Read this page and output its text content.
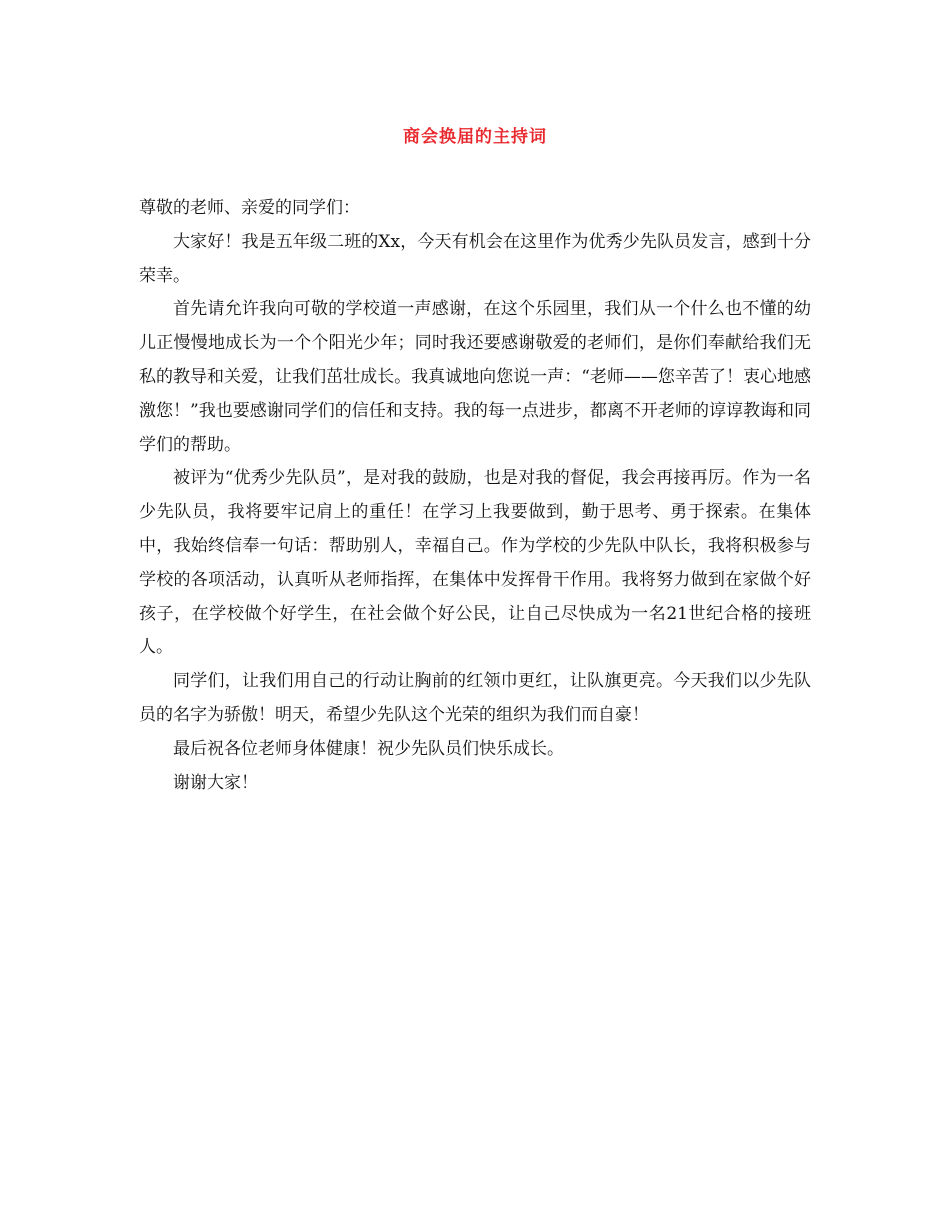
商会换届的主持词

尊敬的老师、亲爱的同学们：

大家好！我是五年级二班的Xx，今天有机会在这里作为优秀少先队员发言，感到十分荣幸。

首先请允许我向可敬的学校道一声感谢，在这个乐园里，我们从一个什么也不懂的幼儿正慢慢地成长为一个个阳光少年；同时我还要感谢敬爱的老师们，是你们奉献给我们无私的教导和关爱，让我们茁壮成长。我真诚地向您说一声：“老师——您辛苦了！衷心地感激您！”我也要感谢同学们的信任和支持。我的每一点进步，都离不开老师的谆谆教诲和同学们的帮助。

被评为“优秀少先队员”，是对我的鼓励，也是对我的督促，我会再接再厉。作为一名少先队员，我将要牢记肩上的重任！在学习上我要做到，勤于思考、勇于探索。在集体中，我始终信奉一句话：帮助别人，幸福自己。作为学校的少先队中队长，我将积极参与学校的各项活动，认真听从老师指挥，在集体中发挥骨干作用。我将努力做到在家做个好孩子，在学校做个好学生，在社会做个好公民，让自己尽快成为一名21世纪合格的接班人。

同学们，让我们用自己的行动让胸前的红领巾更红，让队旗更亮。今天我们以少先队员的名字为骄傲！明天，希望少先队这个光荣的组织为我们而自豪！

最后祝各位老师身体健康！祝少先队员们快乐成长。

谢谢大家！
